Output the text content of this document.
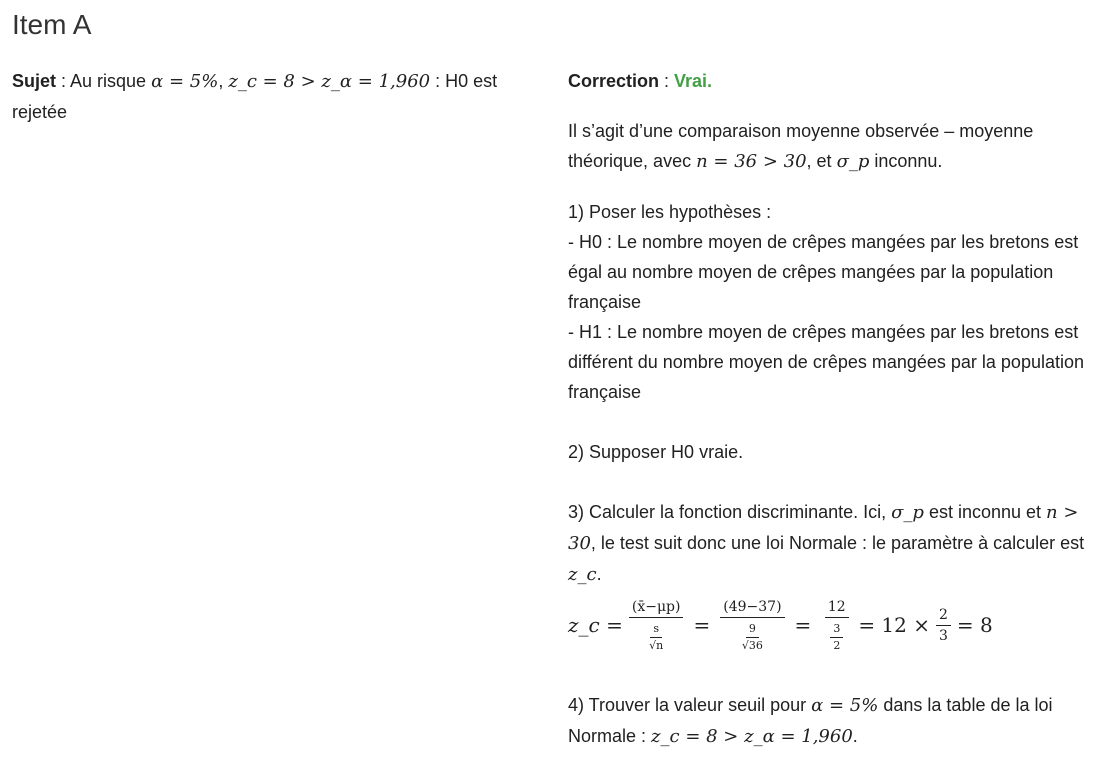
Item A
Sujet : Au risque α = 5%, z_c = 8 > z_α = 1,960 : H0 est rejetée

Correction : Vrai.

Il s’agit d’une comparaison moyenne observée – moyenne théorique, avec n = 36 > 30, et σ_p inconnu.

1) Poser les hypothèses :

- H0 : Le nombre moyen de crêpes mangées par les bretons est égal au nombre moyen de crêpes mangées par la population française

- H1 : Le nombre moyen de crêpes mangées par les bretons est différent du nombre moyen de crêpes mangées par la population française

2) Supposer H0 vraie.

3) Calculer la fonction discriminante. Ici, σ_p est inconnu et n > 30, le test suit donc une loi Normale : le paramètre à calculer est z_c.

z_c = $\frac{(x̄-\mu p)}{\frac{s}{√n}} = \frac{(49-37)}{\frac{9}{√36}} = \frac{12}{\frac{3}{2}} = 12 \times \frac{2}{3} = 8$

4) Trouver la valeur seuil pour α = 5% dans la table de la loi Normale : z_c = 8 > z_α = 1,960.
